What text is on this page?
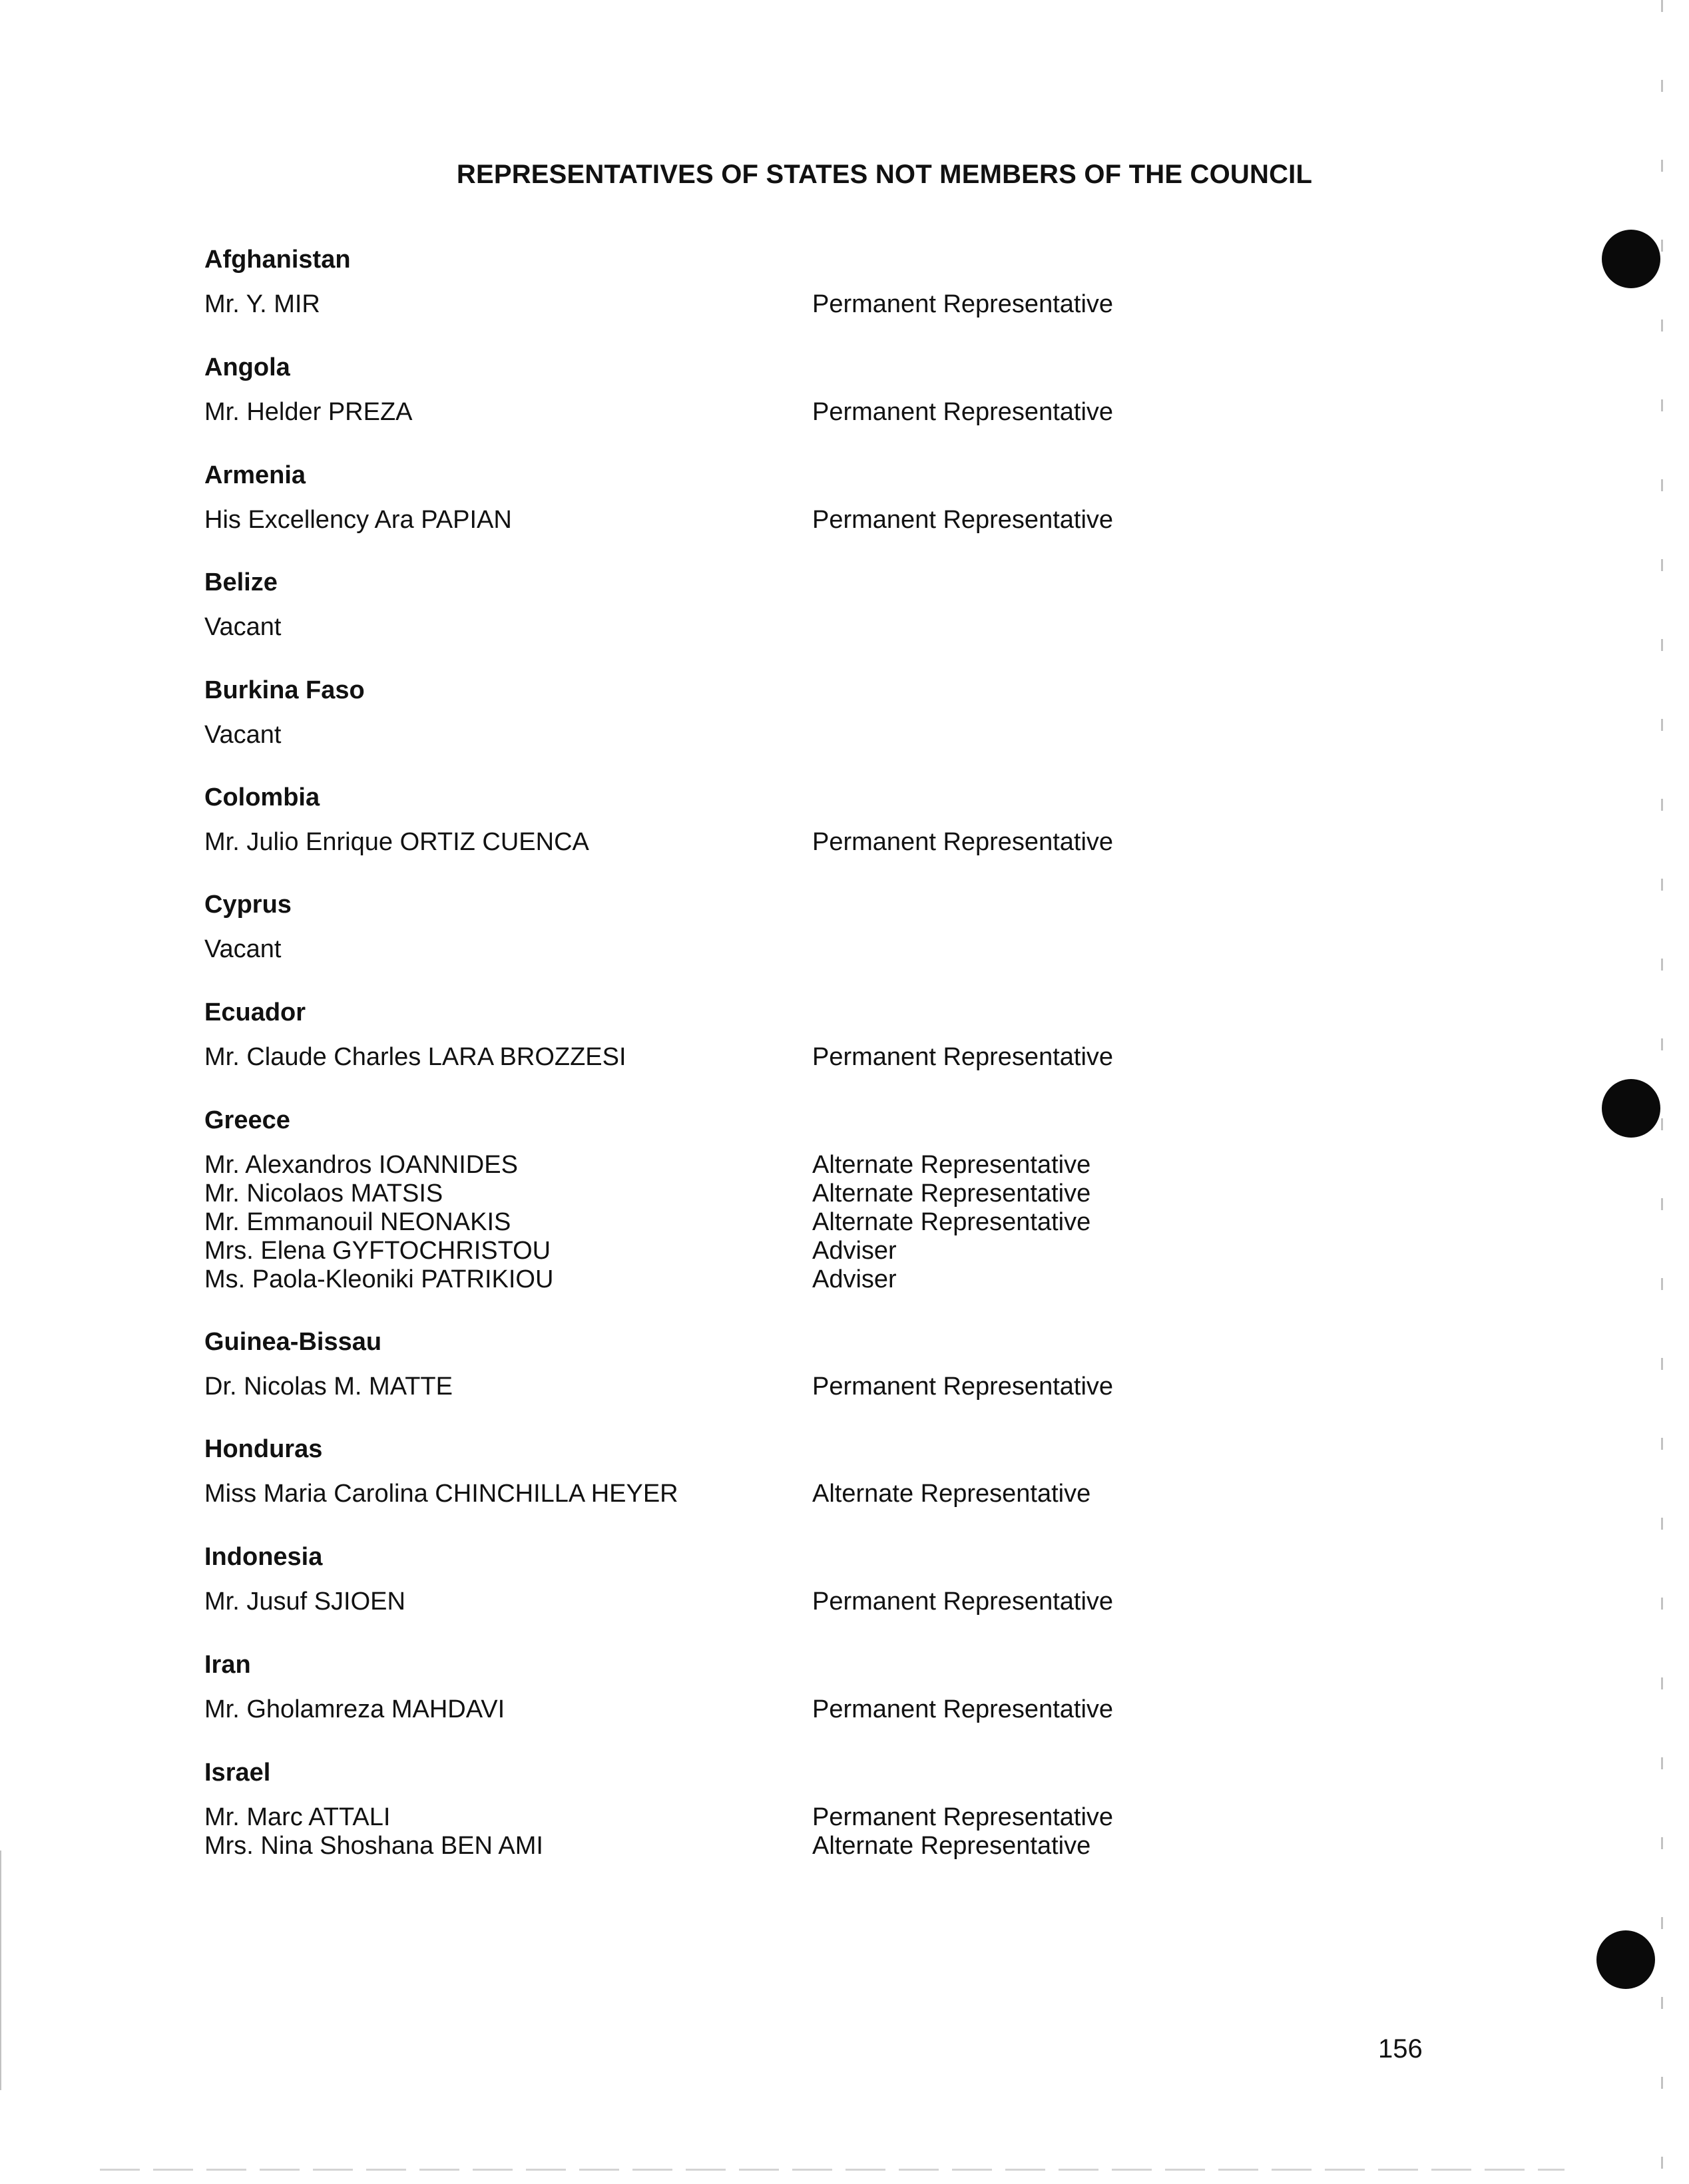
REPRESENTATIVES OF STATES NOT MEMBERS OF THE COUNCIL
Afghanistan
Mr. Y. MIR	Permanent Representative
Angola
Mr. Helder PREZA	Permanent Representative
Armenia
His Excellency Ara PAPIAN	Permanent Representative
Belize
Vacant
Burkina Faso
Vacant
Colombia
Mr. Julio Enrique ORTIZ CUENCA	Permanent Representative
Cyprus
Vacant
Ecuador
Mr. Claude Charles LARA BROZZESI	Permanent Representative
Greece
Mr. Alexandros IOANNIDES	Alternate Representative
Mr. Nicolaos MATSIS	Alternate Representative
Mr. Emmanouil NEONAKIS	Alternate Representative
Mrs. Elena GYFTOCHRISTOU	Adviser
Ms. Paola-Kleoniki PATRIKIOU	Adviser
Guinea-Bissau
Dr. Nicolas M. MATTE	Permanent Representative
Honduras
Miss Maria Carolina CHINCHILLA HEYER	Alternate Representative
Indonesia
Mr. Jusuf SJIOEN	Permanent Representative
Iran
Mr. Gholamreza MAHDAVI	Permanent Representative
Israel
Mr. Marc ATTALI	Permanent Representative
Mrs. Nina Shoshana BEN AMI	Alternate Representative
156
